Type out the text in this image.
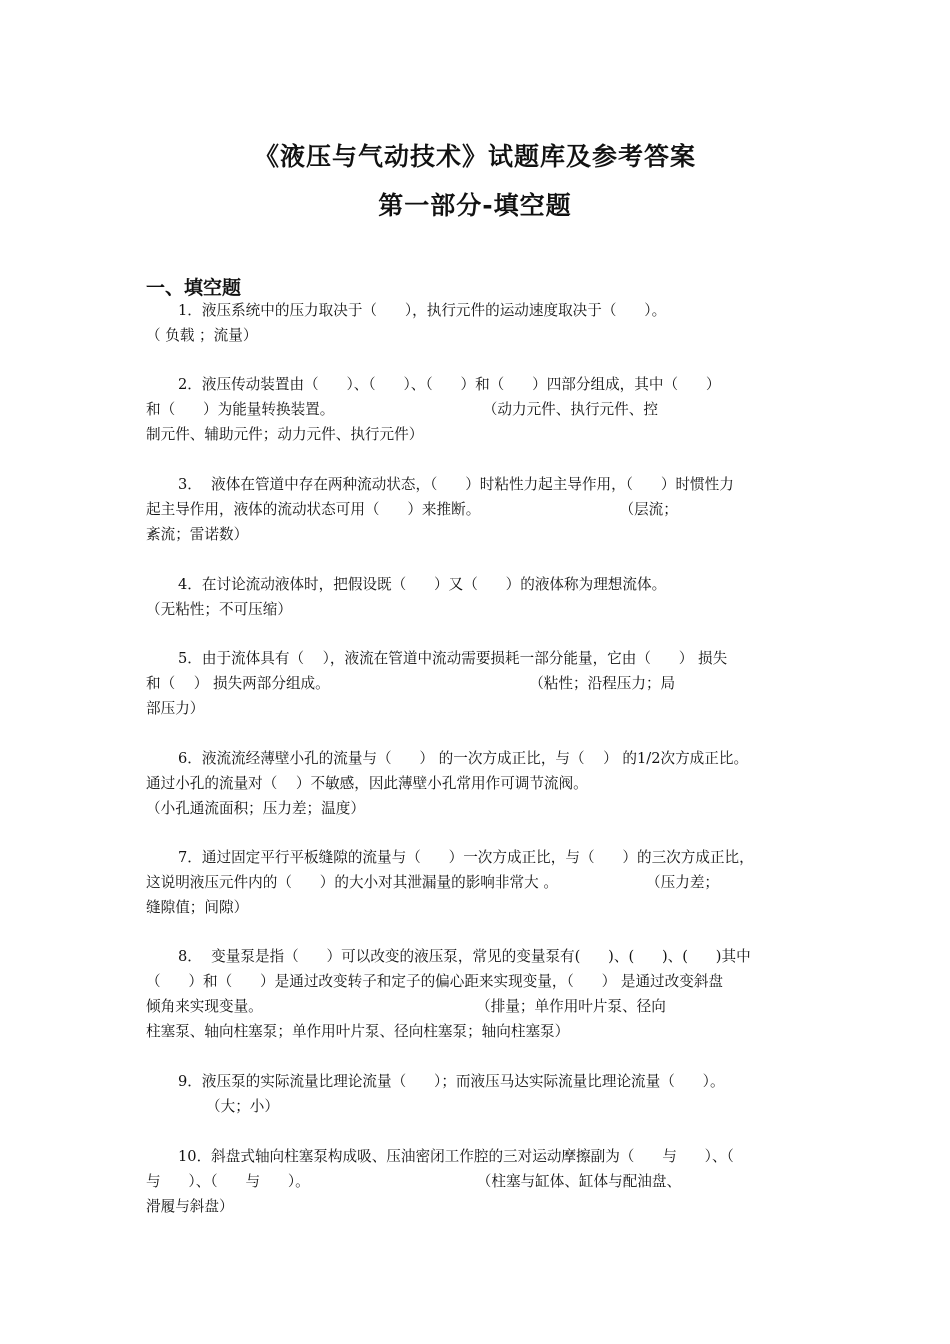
《液压与气动技术》试题库及参考答案
第一部分-填空题
一、填空题
1．液压系统中的压力取决于（      ），执行元件的运动速度取决于（      ）。
（ 负载 ；流量）
2．液压传动装置由（      ）、（      ）、（      ）和（      ）四部分组成，其中（      ）
和（      ）为能量转换装置。                                （动力元件、执行元件、控
制元件、辅助元件；动力元件、执行元件）
3．  液体在管道中存在两种流动状态，（      ）时粘性力起主导作用，（      ）时惯性力
起主导作用，液体的流动状态可用（      ）来推断。                              （层流；
紊流；雷诺数）
4．在讨论流动液体时，把假设既（      ）又（      ）的液体称为理想流体。
（无粘性；不可压缩）
5．由于流体具有（    ），液流在管道中流动需要损耗一部分能量，它由（      ） 损失
和（    ） 损失两部分组成。                                           （粘性；沿程压力；局
部压力）
6．液流流经薄壁小孔的流量与（      ） 的一次方成正比，与（    ） 的1/2次方成正比。
通过小孔的流量对（    ）不敏感，因此薄壁小孔常用作可调节流阀。
（小孔通流面积；压力差；温度）
7．通过固定平行平板缝隙的流量与（      ）一次方成正比，与（      ）的三次方成正比，
这说明液压元件内的（      ）的大小对其泄漏量的影响非常大 。                   （压力差；
缝隙值；间隙）
8．  变量泵是指（      ）可以改变的液压泵，常见的变量泵有(      )、(      )、(      )其中
（      ）和（      ）是通过改变转子和定子的偏心距来实现变量，（      ） 是通过改变斜盘
倾角来实现变量。                                              （排量；单作用叶片泵、径向
柱塞泵、轴向柱塞泵；单作用叶片泵、径向柱塞泵；轴向柱塞泵）
9．液压泵的实际流量比理论流量（      ）；而液压马达实际流量比理论流量（      ）。
（大；小）
10．斜盘式轴向柱塞泵构成吸、压油密闭工作腔的三对运动摩擦副为（      与      ）、（
与      ）、（      与      ）。                                    （柱塞与缸体、缸体与配油盘、
滑履与斜盘）
